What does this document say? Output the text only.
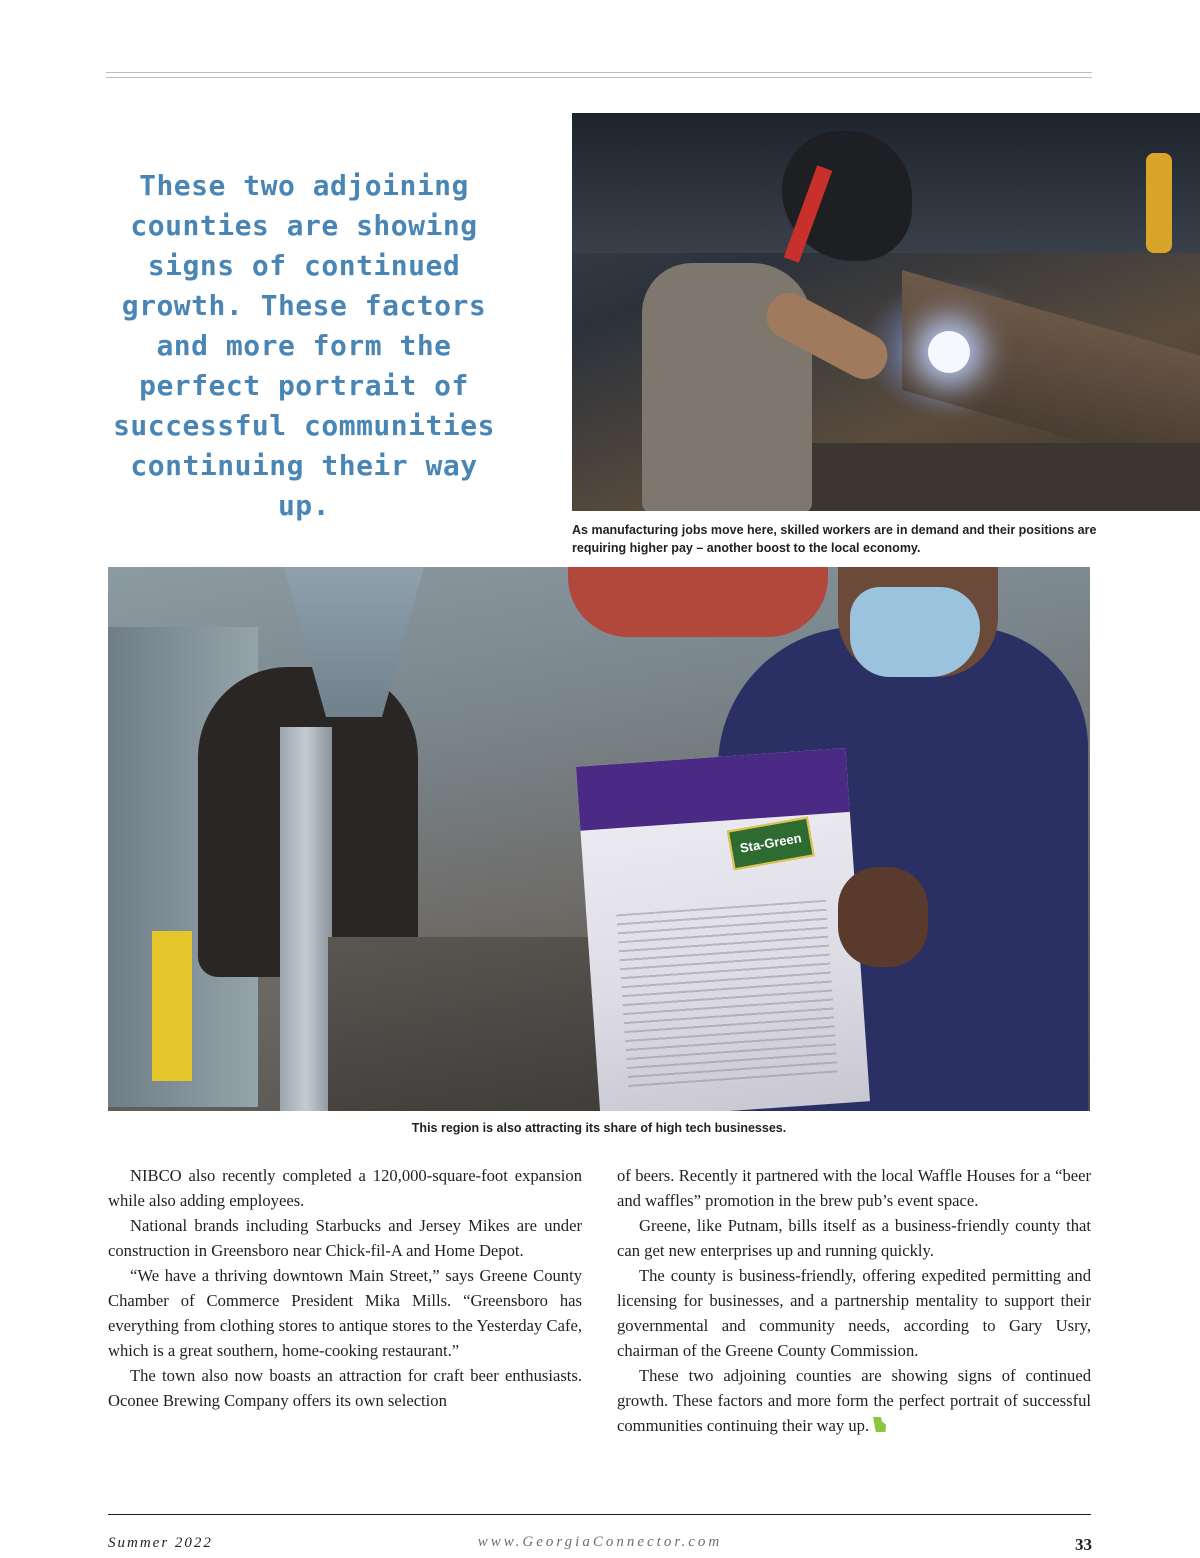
These two adjoining counties are showing signs of continued growth. These factors and more form the perfect portrait of successful communities continuing their way up.
As manufacturing jobs move here, skilled workers are in demand and their positions are requiring higher pay – another boost to the local economy.
Sta-Green
This region is also attracting its share of high tech businesses.

NIBCO also recently completed a 120,000-square-foot expansion while also adding employees.

National brands including Starbucks and Jersey Mikes are under construction in Greensboro near Chick-fil-A and Home Depot.

“We have a thriving downtown Main Street,” says Greene County Chamber of Commerce President Mika Mills. “Greensboro has everything from clothing stores to antique stores to the Yesterday Cafe, which is a great southern, home-cooking restaurant.”

The town also now boasts an attraction for craft beer enthusiasts. Oconee Brewing Company offers its own selection

of beers. Recently it partnered with the local Waffle Houses for a “beer and waffles” promotion in the brew pub’s event space.

Greene, like Putnam, bills itself as a business-friendly county that can get new enterprises up and running quickly.

The county is business-friendly, offering expedited permitting and licensing for businesses, and a partnership mentality to support their governmental and community needs, according to Gary Usry, chairman of the Greene County Commission.

These two adjoining counties are showing signs of continued growth. These factors and more form the perfect portrait of successful communities continuing their way up.

Summer 2022	www.GeorgiaConnector.com	33
